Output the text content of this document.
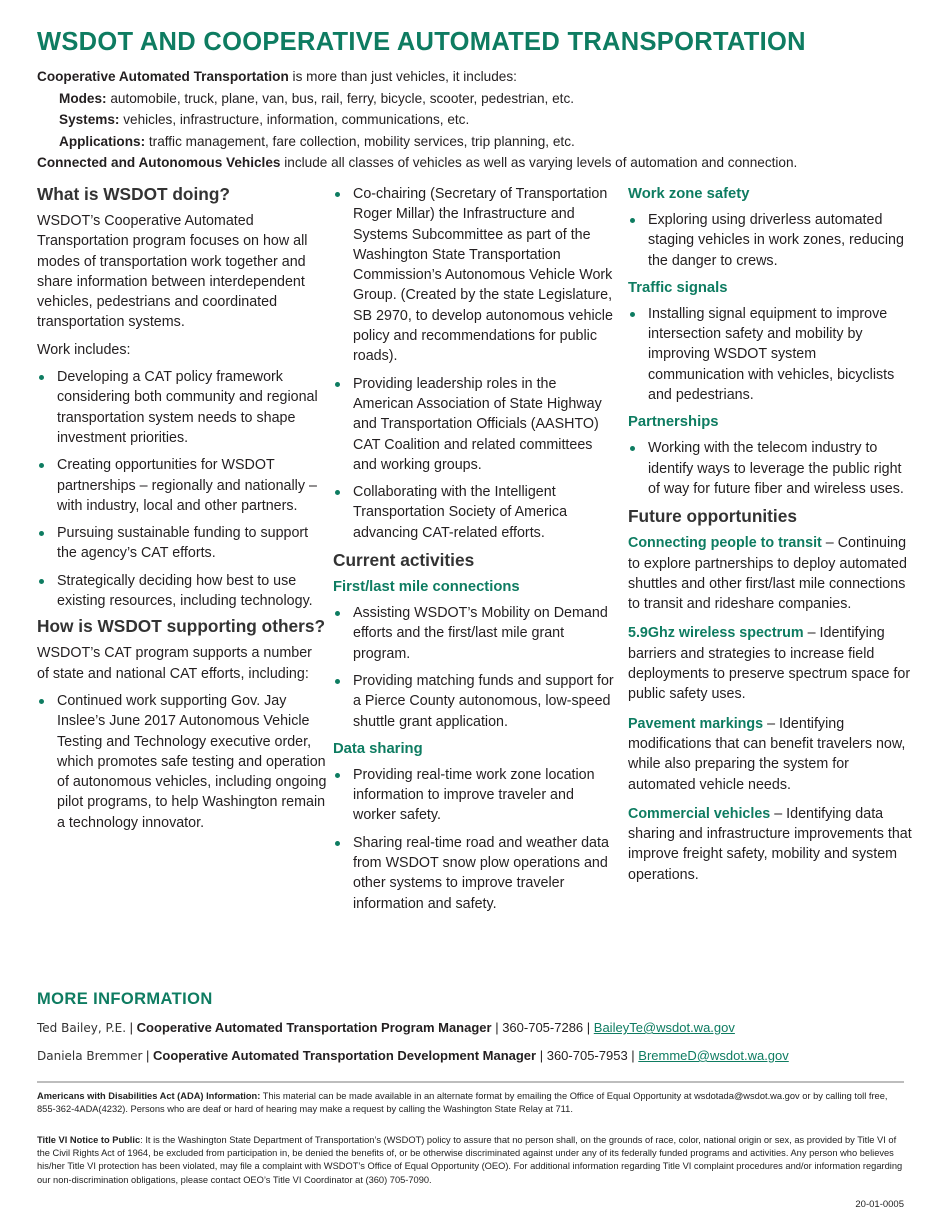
WSDOT AND COOPERATIVE AUTOMATED TRANSPORTATION
Cooperative Automated Transportation is more than just vehicles, it includes:
Modes: automobile, truck, plane, van, bus, rail, ferry, bicycle, scooter, pedestrian, etc.
Systems: vehicles, infrastructure, information, communications, etc.
Applications: traffic management, fare collection, mobility services, trip planning, etc.
Connected and Autonomous Vehicles include all classes of vehicles as well as varying levels of automation and connection.
What is WSDOT doing?

WSDOT’s Cooperative Automated Transportation program focuses on how all modes of transportation work together and share information between interdependent vehicles, pedestrians and coordinated transportation systems.

Work includes:

Developing a CAT policy framework considering both community and regional transportation system needs to shape investment priorities.
Creating opportunities for WSDOT partnerships – regionally and nationally – with industry, local and other partners.
Pursuing sustainable funding to support the agency’s CAT efforts.
Strategically deciding how best to use existing resources, including technology.
How is WSDOT supporting others?

WSDOT’s CAT program supports a number of state and national CAT efforts, including:

Continued work supporting Gov. Jay Inslee’s June 2017 Autonomous Vehicle Testing and Technology executive order, which promotes safe testing and operation of autonomous vehicles, including ongoing pilot programs, to help Washington remain a technology innovator.
Co-chairing (Secretary of Transportation Roger Millar) the Infrastructure and Systems Subcommittee as part of the Washington State Transportation Commission’s Autonomous Vehicle Work Group. (Created by the state Legislature, SB 2970, to develop autonomous vehicle policy and recommendations for public roads).
Providing leadership roles in the American Association of State Highway and Transportation Officials (AASHTO) CAT Coalition and related committees and working groups.
Collaborating with the Intelligent Transportation Society of America advancing CAT-related efforts.
Current activities
First/last mile connections
Assisting WSDOT’s Mobility on Demand efforts and the first/last mile grant program.
Providing matching funds and support for a Pierce County autonomous, low-speed shuttle grant application.
Data sharing
Providing real-time work zone location information to improve traveler and worker safety.
Sharing real-time road and weather data from WSDOT snow plow operations and other systems to improve traveler information and safety.
Work zone safety
Exploring using driverless automated staging vehicles in work zones, reducing the danger to crews.
Traffic signals
Installing signal equipment to improve intersection safety and mobility by improving WSDOT system communication with vehicles, bicyclists and pedestrians.
Partnerships
Working with the telecom industry to identify ways to leverage the public right of way for future fiber and wireless uses.
Future opportunities

Connecting people to transit – Continuing to explore partnerships to deploy automated shuttles and other first/last mile connections to transit and rideshare companies.

5.9Ghz wireless spectrum – Identifying barriers and strategies to increase field deployments to preserve spectrum space for public safety uses.

Pavement markings – Identifying modifications that can benefit travelers now, while also preparing the system for automated vehicle needs.

Commercial vehicles – Identifying data sharing and infrastructure improvements that improve freight safety, mobility and system operations.

MORE INFORMATION
Ted Bailey, P.E. | Cooperative Automated Transportation Program Manager | 360-705-7286 | BaileyTe@wsdot.wa.gov
Daniela Bremmer | Cooperative Automated Transportation Development Manager | 360-705-7953 | BremmeD@wsdot.wa.gov
Americans with Disabilities Act (ADA) Information: This material can be made available in an alternate format by emailing the Office of Equal Opportunity at wsdotada@wsdot.wa.gov or by calling toll free, 855-362-4ADA(4232). Persons who are deaf or hard of hearing may make a request by calling the Washington State Relay at 711.
Title VI Notice to Public: It is the Washington State Department of Transportation’s (WSDOT) policy to assure that no person shall, on the grounds of race, color, national origin or sex, as provided by Title VI of the Civil Rights Act of 1964, be excluded from participation in, be denied the benefits of, or be otherwise discriminated against under any of its federally funded programs and activities. Any person who believes his/her Title VI protection has been violated, may file a complaint with WSDOT’s Office of Equal Opportunity (OEO). For additional information regarding Title VI complaint procedures and/or information regarding our non-discrimination obligations, please contact OEO’s Title VI Coordinator at (360) 705-7090.
20-01-0005
